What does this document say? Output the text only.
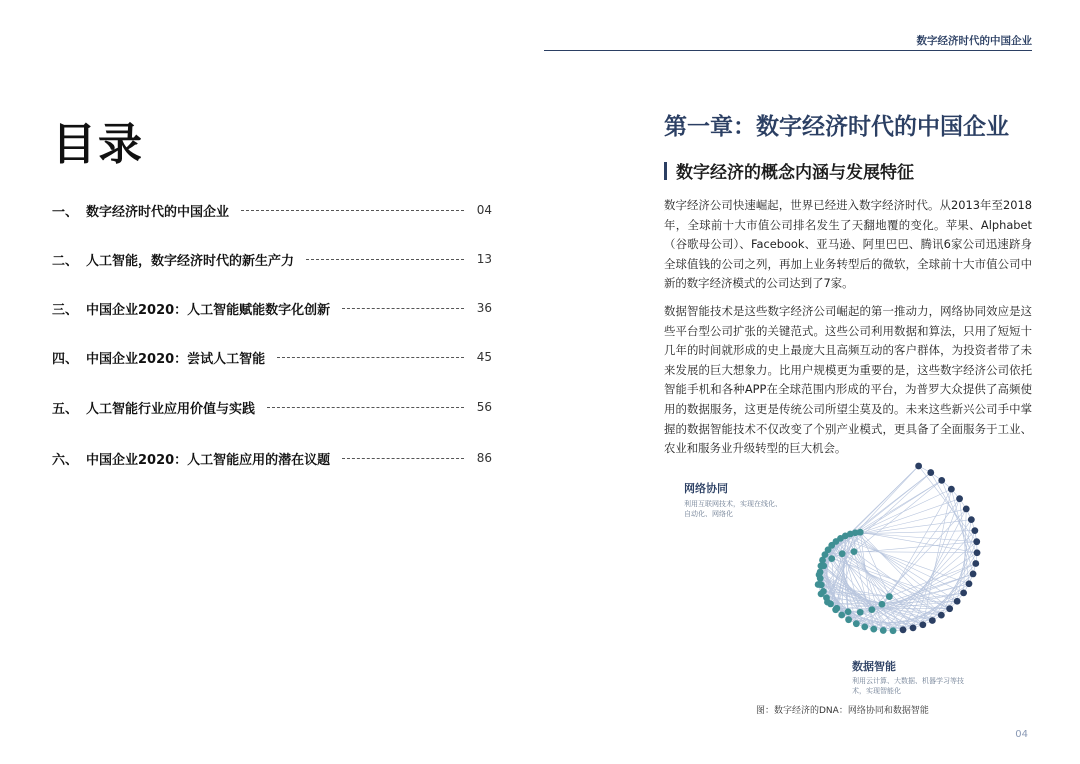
数字经济时代的中国企业
目录
一、 数字经济时代的中国企业	04
二、 人工智能，数字经济时代的新生产力	13
三、 中国企业2020：人工智能赋能数字化创新	36
四、 中国企业2020：尝试人工智能	45
五、 人工智能行业应用价值与实践	56
六、 中国企业2020：人工智能应用的潜在议题	86
第一章：数字经济时代的中国企业
数字经济的概念内涵与发展特征

数字经济公司快速崛起，世界已经进入数字经济时代。从2013年至2018年，全球前十大市值公司排名发生了天翻地覆的变化。苹果、Alphabet（谷歌母公司）、Facebook、亚马逊、阿里巴巴、腾讯6家公司迅速跻身全球值钱的公司之列，再加上业务转型后的微软，全球前十大市值公司中新的数字经济模式的公司达到了7家。

数据智能技术是这些数字经济公司崛起的第一推动力，网络协同效应是这些平台型公司扩张的关键范式。这些公司利用数据和算法，只用了短短十几年的时间就形成的史上最庞大且高频互动的客户群体，为投资者带了未来发展的巨大想象力。比用户规模更为重要的是，这些数字经济公司依托智能手机和各种APP在全球范围内形成的平台，为普罗大众提供了高频使用的数据服务，这更是传统公司所望尘莫及的。未来这些新兴公司手中掌握的数据智能技术不仅改变了个别产业模式，更具备了全面服务于工业、农业和服务业升级转型的巨大机会。

网络协同
利用互联网技术，实现在线化、自动化、网络化
数据智能
利用云计算、大数据、机器学习等技术，实现智能化
图：数字经济的DNA：网络协同和数据智能
04
